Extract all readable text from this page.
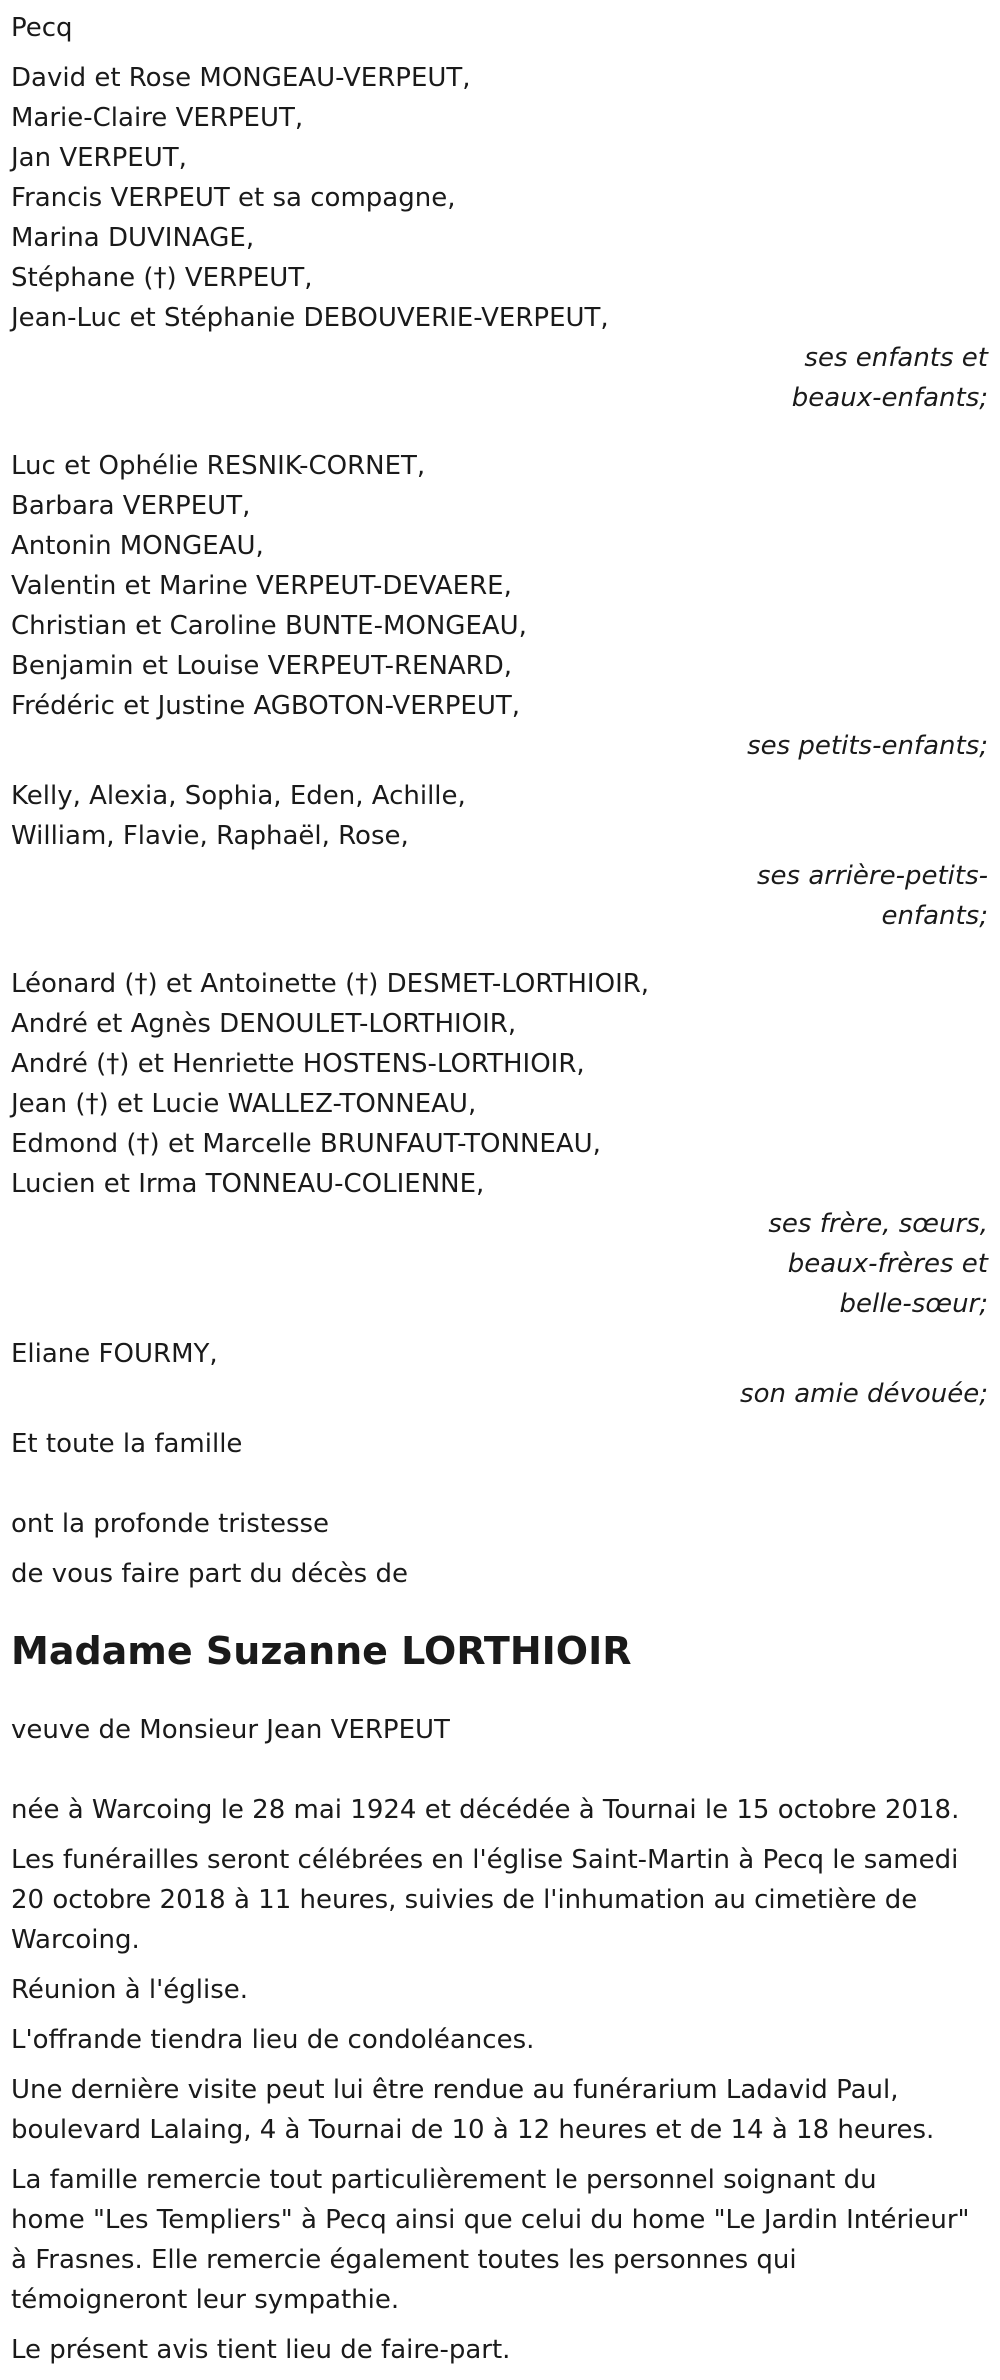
Pecq
David et Rose MONGEAU-VERPEUT,
Marie-Claire VERPEUT,
Jan VERPEUT,
Francis VERPEUT et sa compagne,
Marina DUVINAGE,
Stéphane (†) VERPEUT,
Jean-Luc et Stéphanie DEBOUVERIE-VERPEUT,
ses enfants et
beaux-enfants;
Luc et Ophélie RESNIK-CORNET,
Barbara VERPEUT,
Antonin MONGEAU,
Valentin et Marine VERPEUT-DEVAERE,
Christian et Caroline BUNTE-MONGEAU,
Benjamin et Louise VERPEUT-RENARD,
Frédéric et Justine AGBOTON-VERPEUT,
ses petits-enfants;
Kelly, Alexia, Sophia, Eden, Achille,
William, Flavie, Raphaël, Rose,
ses arrière-petits-
enfants;
Léonard (†) et Antoinette (†) DESMET-LORTHIOIR,
André et Agnès DENOULET-LORTHIOIR,
André (†) et Henriette HOSTENS-LORTHIOIR,
Jean (†) et Lucie WALLEZ-TONNEAU,
Edmond (†) et Marcelle BRUNFAUT-TONNEAU,
Lucien et Irma TONNEAU-COLIENNE,
ses frère, sœurs,
beaux-frères et
belle-sœur;
Eliane FOURMY,
son amie dévouée;
Et toute la famille
ont la profonde tristesse
de vous faire part du décès de
Madame Suzanne LORTHIOIR
veuve de Monsieur Jean VERPEUT
née à Warcoing le 28 mai 1924 et décédée à Tournai le 15 octobre 2018.
Les funérailles seront célébrées en l'église Saint-Martin à Pecq le samedi
20 octobre 2018 à 11 heures, suivies de l'inhumation au cimetière de
Warcoing.
Réunion à l'église.
L'offrande tiendra lieu de condoléances.
Une dernière visite peut lui être rendue au funérarium Ladavid Paul,
boulevard Lalaing, 4 à Tournai de 10 à 12 heures et de 14 à 18 heures.
La famille remercie tout particulièrement le personnel soignant du
home "Les Templiers" à Pecq ainsi que celui du home "Le Jardin Intérieur"
à Frasnes. Elle remercie également toutes les personnes qui
témoigneront leur sympathie.
Le présent avis tient lieu de faire-part.
